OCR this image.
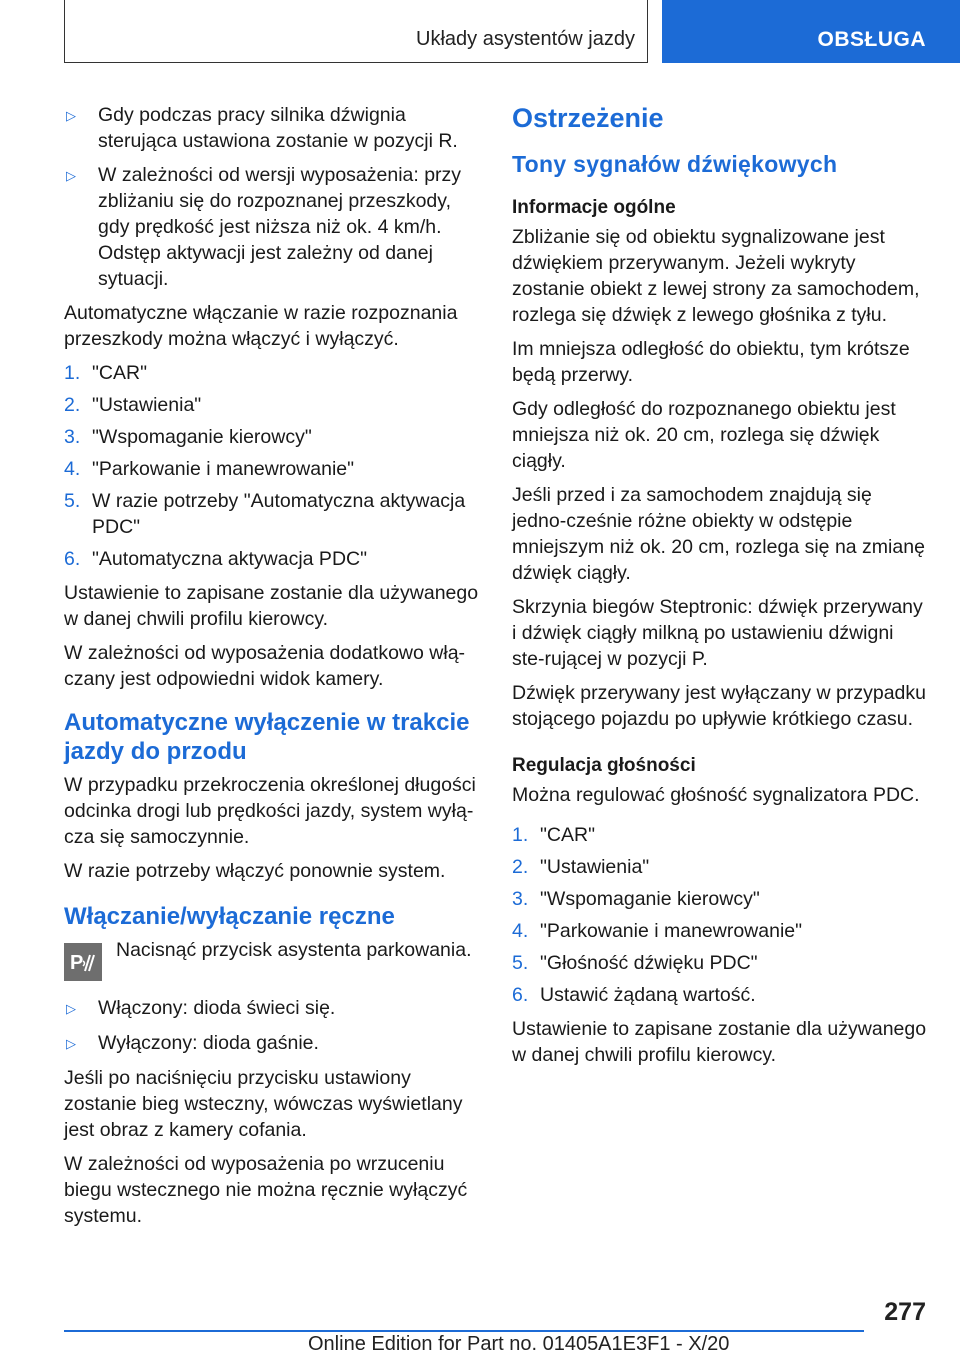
Układy asystentów jazdy	OBSŁUGA
▷	Gdy podczas pracy silnika dźwignia sterująca ustawiona zostanie w pozycji R.
▷	W zależności od wersji wyposażenia: przy zbliżaniu się do rozpoznanej przeszkody, gdy prędkość jest niższa niż ok. 4 km/h. Odstęp aktywacji jest zależny od danej sytuacji.

Automatyczne włączanie w razie rozpoznania przeszkody można włączyć i wyłączyć.

1. "CAR"
2. "Ustawienia"
3. "Wspomaganie kierowcy"
4. "Parkowanie i manewrowanie"
5. W razie potrzeby "Automatyczna aktywacja PDC"
6. "Automatyczna aktywacja PDC"

Ustawienie to zapisane zostanie dla używanego w danej chwili profilu kierowcy.

W zależności od wyposażenia dodatkowo włą‐czany jest odpowiedni widok kamery.

Automatyczne wyłączenie w trakcie jazdy do przodu

W przypadku przekroczenia określonej długości odcinka drogi lub prędkości jazdy, system wyłą‐cza się samoczynnie.

W razie potrzeby włączyć ponownie system.

Włączanie/wyłączanie ręczne
P
Nacisnąć przycisk asystenta parkowania.
▷	Włączony: dioda świeci się.
▷	Wyłączony: dioda gaśnie.

Jeśli po naciśnięciu przycisku ustawiony zostanie bieg wsteczny, wówczas wyświetlany jest obraz z kamery cofania.

W zależności od wyposażenia po wrzuceniu biegu wstecznego nie można ręcznie wyłączyć systemu.

Ostrzeżenie
Tony sygnałów dźwiękowych
Informacje ogólne

Zbliżanie się od obiektu sygnalizowane jest dźwiękiem przerywanym. Jeżeli wykryty zostanie obiekt z lewej strony za samochodem, rozlega się dźwięk z lewego głośnika z tyłu.

Im mniejsza odległość do obiektu, tym krótsze będą przerwy.

Gdy odległość do rozpoznanego obiektu jest mniejsza niż ok. 20 cm, rozlega się dźwięk ciągły.

Jeśli przed i za samochodem znajdują się jedno‐cześnie różne obiekty w odstępie mniejszym niż ok. 20 cm, rozlega się na zmianę dźwięk ciągły.

Skrzynia biegów Steptronic: dźwięk przerywany i dźwięk ciągły milkną po ustawieniu dźwigni ste‐rującej w pozycji P.

Dźwięk przerywany jest wyłączany w przypadku stojącego pojazdu po upływie krótkiego czasu.

Regulacja głośności

Można regulować głośność sygnalizatora PDC.

1. "CAR"
2. "Ustawienia"
3. "Wspomaganie kierowcy"
4. "Parkowanie i manewrowanie"
5. "Głośność dźwięku PDC"
6. Ustawić żądaną wartość.

Ustawienie to zapisane zostanie dla używanego w danej chwili profilu kierowcy.

277
Online Edition for Part no. 01405A1E3F1 - X/20
